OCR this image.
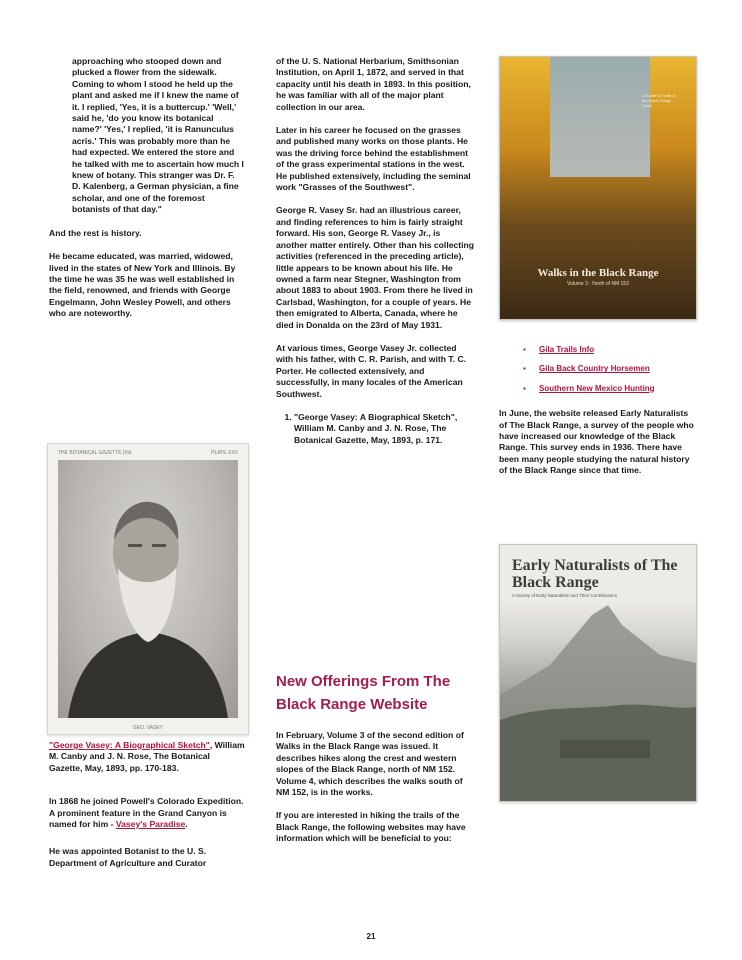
approaching who stooped down and plucked a flower from the sidewalk. Coming to whom I stood he held up the plant and asked me if I knew the name of it. I replied, 'Yes, it is a buttercup.' 'Well,' said he, 'do you know its botanical name?' 'Yes,' I replied, 'it is Ranunculus acris.' This was probably more than he had expected. We entered the store and he talked with me to ascertain how much I knew of botany. This stranger was Dr. F. D. Kalenberg, a German physician, a fine scholar, and one of the foremost botanists of that day."

And the rest is history.

He became educated, was married, widowed, lived in the states of New York and Illinois. By the time he was 35 he was well established in the field, renowned, and friends with George Engelmann, John Wesley Powell, and others who are noteworthy.

THE BOTANICAL GAZETTE [Vol.	PLATE XXV
GEO. VASEY

"George Vasey: A Biographical Sketch", William M. Canby and J. N. Rose, The Botanical Gazette, May, 1893, pp. 170-183.

In 1868 he joined Powell's Colorado Expedition. A prominent feature in the Grand Canyon is named for him - Vasey's Paradise.

He was appointed Botanist to the U. S. Department of Agriculture and Curator

of the U. S. National Herbarium, Smithsonian Institution, on April 1, 1872, and served in that capacity until his death in 1893. In this position, he was familiar with all of the major plant collection in our area.

Later in his career he focused on the grasses and published many works on those plants. He was the driving force behind the establishment of the grass experimental stations in the west. He published extensively, including the seminal work "Grasses of the Southwest".

George R. Vasey Sr. had an illustrious career, and finding references to him is fairly straight forward. His son, George R. Vasey Jr., is another matter entirely. Other than his collecting activities (referenced in the preceding article), little appears to be known about his life. He owned a farm near Stegner, Washington from about 1883 to about 1903. From there he lived in Carlsbad, Washington, for a couple of years. He then emigrated to Alberta, Canada, where he died in Donalda on the 23rd of May 1931.

At various times, George Vasey Jr. collected with his father, with C. R. Parish, and with T. C. Porter. He collected extensively, and successfully, in many locales of the American Southwest.

1. "George Vasey: A Biographical Sketch", William M. Canby and J. N. Rose, The Botanical Gazette, May, 1893, p. 171.
New Offerings From The Black Range Website

In February, Volume 3 of the second edition of Walks in the Black Range was issued. It describes hikes along the crest and western slopes of the Black Range, north of NM 152. Volume 4, which describes the walks south of NM 152, is in the works.

If you are interested in hiking the trails of the Black Range, the following websites may have information which will be beneficial to you:

A Guide to Trails of the Black Range Crest
Walks in the Black Range
Volume 3 · North of NM 152
▪ Gila Trails Info
▪ Gila Back Country Horsemen
▪ Southern New Mexico Hunting

In June, the website released Early Naturalists of The Black Range, a survey of the people who have increased our knowledge of the Black Range. This survey ends in 1936. There have been many people studying the natural history of the Black Range since that time.

Early Naturalists of The Black Range
A Survey of Early Naturalists and Their Contributions
BLACK RANGE NATURALIST
21
